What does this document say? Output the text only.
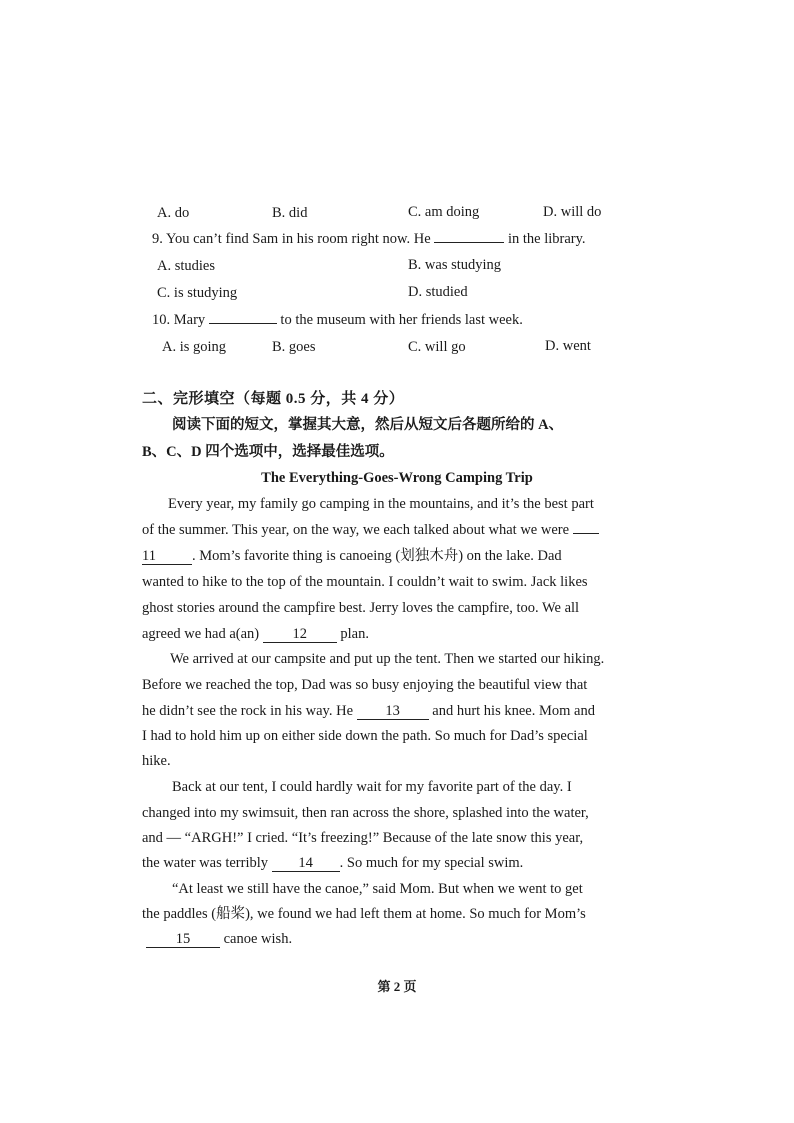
A. do	B. did	C. am doing	D. will do
9. You can’t find Sam in his room right now. He	in the library.
A. studies	B. was studying
C. is studying	D. studied
10. Mary	to the museum with her friends last week.
A. is going	B. goes	C. will go	D. went
二、完形填空（每题 0.5 分，共 4 分）
阅读下面的短文，掌握其大意，然后从短文后各题所给的 A、
B、C、D 四个选项中，选择最佳选项。
The Everything-Goes-Wrong Camping Trip
Every year, my family go camping in the mountains, and it’s the best part
of the summer. This year, on the way, we each talked about what we were
11 . Mom’s favorite thing is canoeing (划独木舟) on the lake. Dad
wanted to hike to the top of the mountain. I couldn’t wait to swim. Jack likes
ghost stories around the campfire best. Jerry loves the campfire, too. We all
agreed we had a(an) 12 plan.
We arrived at our campsite and put up the tent. Then we started our hiking.
Before we reached the top, Dad was so busy enjoying the beautiful view that
he didn’t see the rock in his way. He 13 and hurt his knee. Mom and
I had to hold him up on either side down the path. So much for Dad’s special
hike.
Back at our tent, I could hardly wait for my favorite part of the day. I
changed into my swimsuit, then ran across the shore, splashed into the water,
and — “ARGH!” I cried. “It’s freezing!” Because of the late snow this year,
the water was terribly 14 . So much for my special swim.
“At least we still have the canoe,” said Mom. But when we went to get
the paddles (船桨), we found we had left them at home. So much for Mom’s
15 canoe wish.
第 2 页
